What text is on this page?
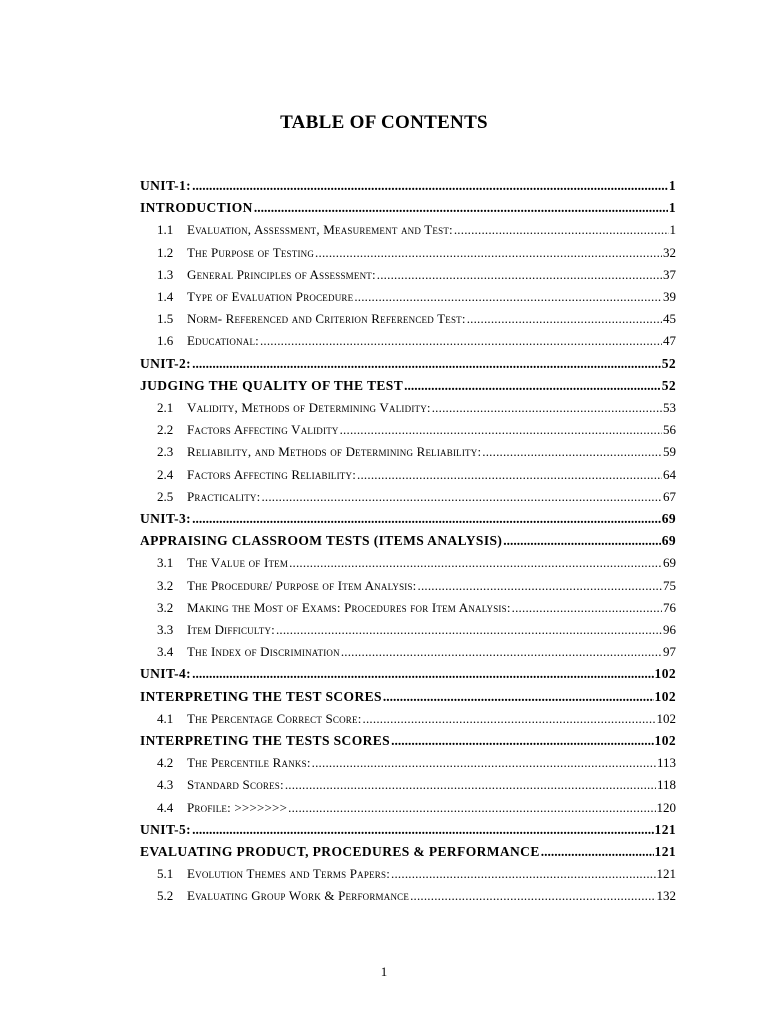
TABLE OF CONTENTS
UNIT-1: .....	1
INTRODUCTION .....	1
1.1	Evaluation, Assessment, Measurement and Test: .....	1
1.2	The Purpose of Testing .....	32
1.3	General Principles of Assessment: .....	37
1.4	Type of Evaluation Procedure .....	39
1.5	Norm- Referenced and Criterion Referenced Test: .....	45
1.6	Educational: .....	47
UNIT-2: .....	52
JUDGING THE QUALITY OF THE TEST .....	52
2.1	Validity, Methods of Determining Validity: .....	53
2.2	Factors Affecting Validity .....	56
2.3	Reliability, and Methods of Determining Reliability: .....	59
2.4	Factors Affecting Reliability: .....	64
2.5	Practicality: .....	67
UNIT-3: .....	69
APPRAISING CLASSROOM TESTS (ITEMS ANALYSIS) .....	69
3.1	The Value of Item .....	69
3.2	The Procedure/ Purpose of Item Analysis: .....	75
3.2	Making the Most of Exams: Procedures for Item Analysis: .....	76
3.3	Item Difficulty: .....	96
3.4	The Index of Discrimination .....	97
UNIT-4: .....	102
INTERPRETING THE TEST SCORES .....	102
4.1	The Percentage Correct Score: .....	102
INTERPRETING THE TESTS SCORES .....	102
4.2	The Percentile Ranks: .....	113
4.3	Standard Scores: .....	118
4.4	Profile: >>>>>>> .....	120
UNIT-5: .....	121
EVALUATING PRODUCT, PROCEDURES & PERFORMANCE .....	121
5.1	Evolution Themes and Terms Papers: .....	121
5.2	Evaluating Group Work & Performance .....	132
1
